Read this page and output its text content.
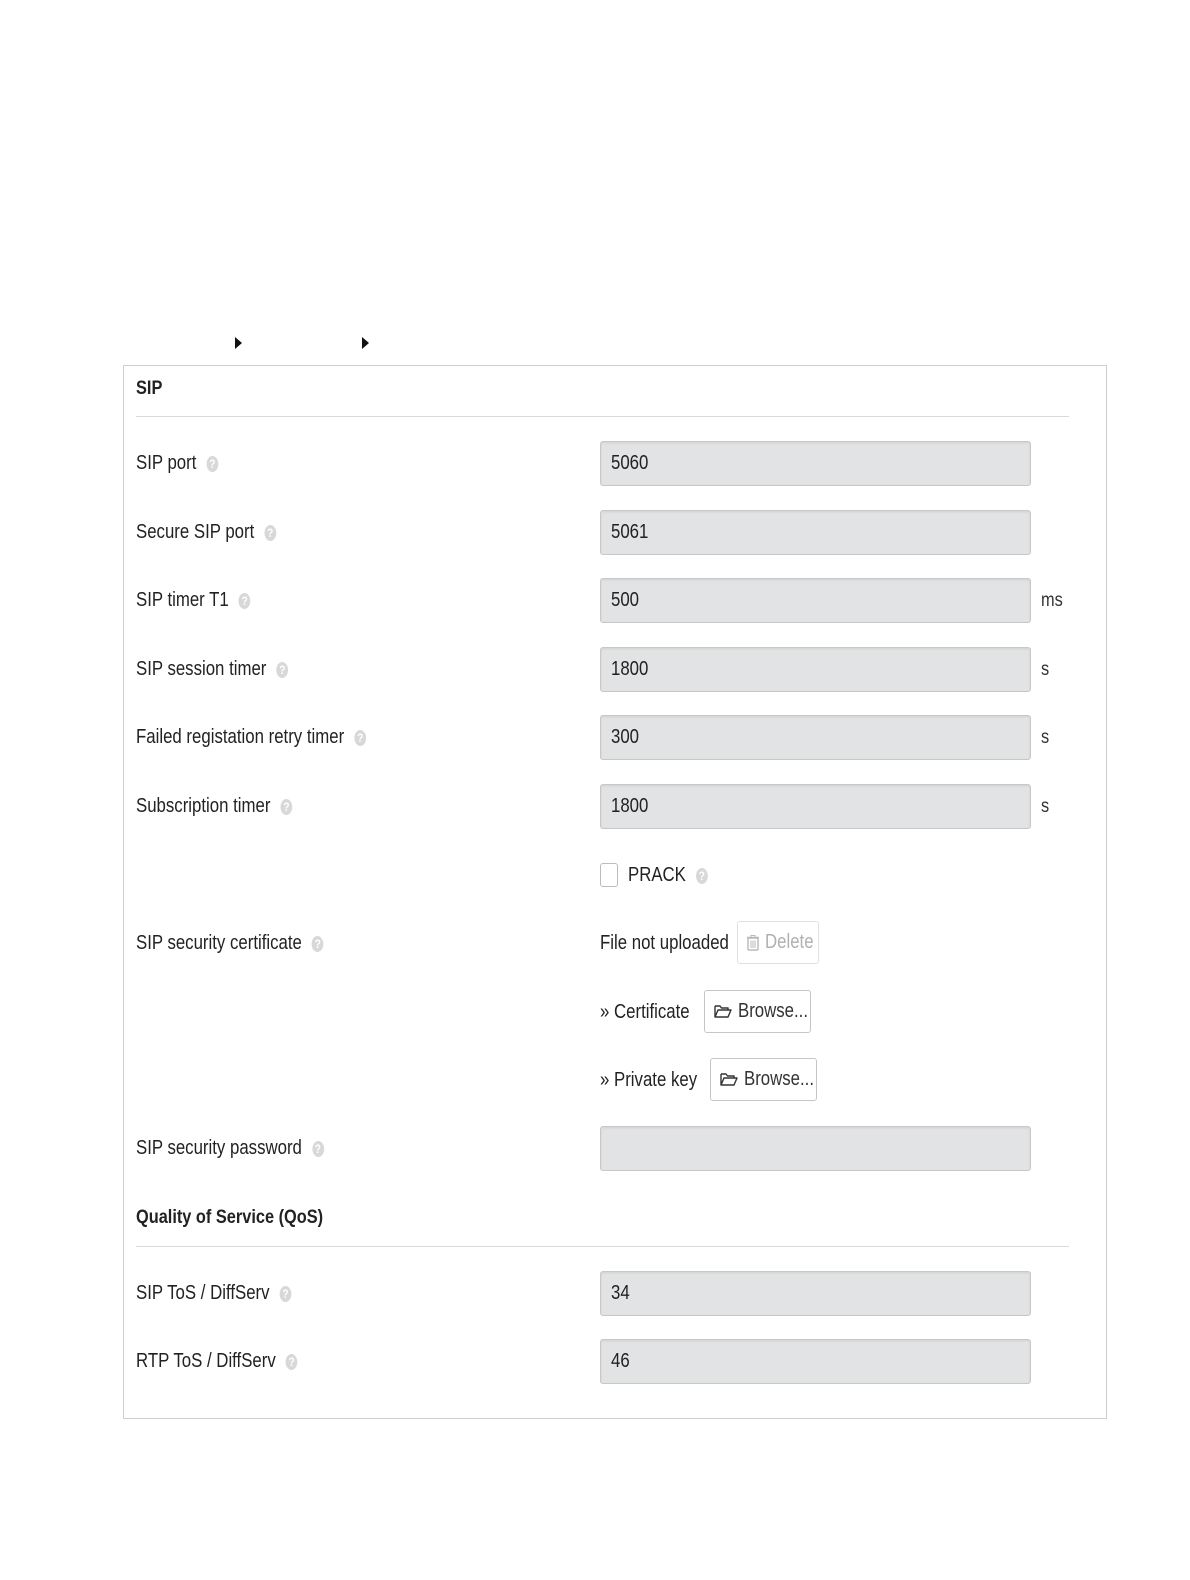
SIP
SIP port ?	5060
Secure SIP port ?	5061
SIP timer T1 ?	500	ms
SIP session timer ?	1800	s
Failed registation retry timer ?	300	s
Subscription timer ?	1800	s
PRACK ?
SIP security certificate ?	File not uploaded Delete
» Certificate Browse...
» Private key Browse...
SIP security password ?
Quality of Service (QoS)
SIP ToS / DiffServ ?	34
RTP ToS / DiffServ ?	46
